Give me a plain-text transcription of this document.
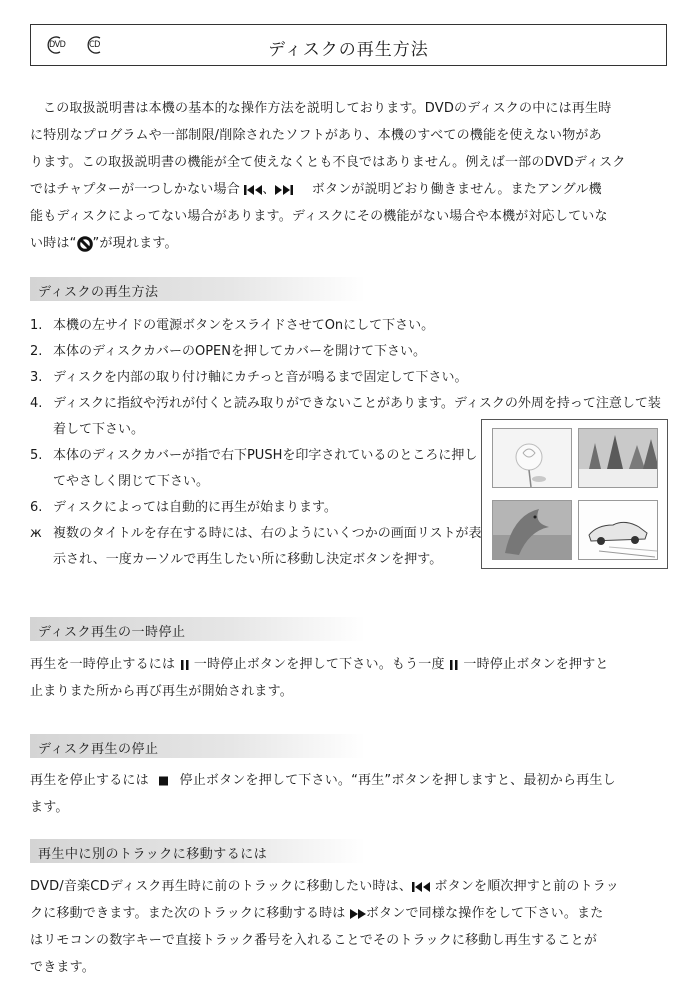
DVD	CD	ディスクの再生方法

この取扱説明書は本機の基本的な操作方法を説明しております。DVDのディスクの中には再生時

に特別なプログラムや一部制限/削除されたソフトがあり、本機のすべての機能を使えない物があ

ります。この取扱説明書の機能が全て使えなくとも不良ではありません。例えば一部のDVDディスク

ではチャプターが一つしかない場合 、	ボタンが説明どおり働きません。またアングル機

能もディスクによってない場合があります。ディスクにその機能がない場合や本機が対応していな

い時は“ ”が現れます。

ディスクの再生方法
1. 本機の左サイドの電源ボタンをスライドさせてOnにして下さい。
2. 本体のディスクカバーのOPENを押してカバーを開けて下さい。
3. ディスクを内部の取り付け軸にカチっと音が鳴るまで固定して下さい。
4. ディスクに指紋や汚れが付くと読み取りができないことがあります。ディスクの外周を持って注意して装着して下さい。
5. 本体のディスクカバーが指で右下PUSHを印字されているのところに押してやさしく閉じて下さい。
6. ディスクによっては自動的に再生が始まります。
ж 複数のタイトルを存在する時には、右のようにいくつかの画面リストが表示され、一度カーソルで再生したい所に移動し決定ボタンを押す。
ディスク再生の一時停止

再生を一時停止するには 一時停止ボタンを押して下さい。もう一度 一時停止ボタンを押すと

止まりまた所から再び再生が開始されます。

ディスク再生の停止

再生を停止するには 停止ボタンを押して下さい。“再生”ボタンを押しますと、最初から再生し

ます。

再生中に別のトラックに移動するには

DVD/音楽CDディスク再生時に前のトラックに移動したい時は、 ボタンを順次押すと前のトラッ

クに移動できます。また次のトラックに移動する時は ボタンで同様な操作をして下さい。また

はリモコンの数字キーで直接トラック番号を入れることでそのトラックに移動し再生することが

できます。
